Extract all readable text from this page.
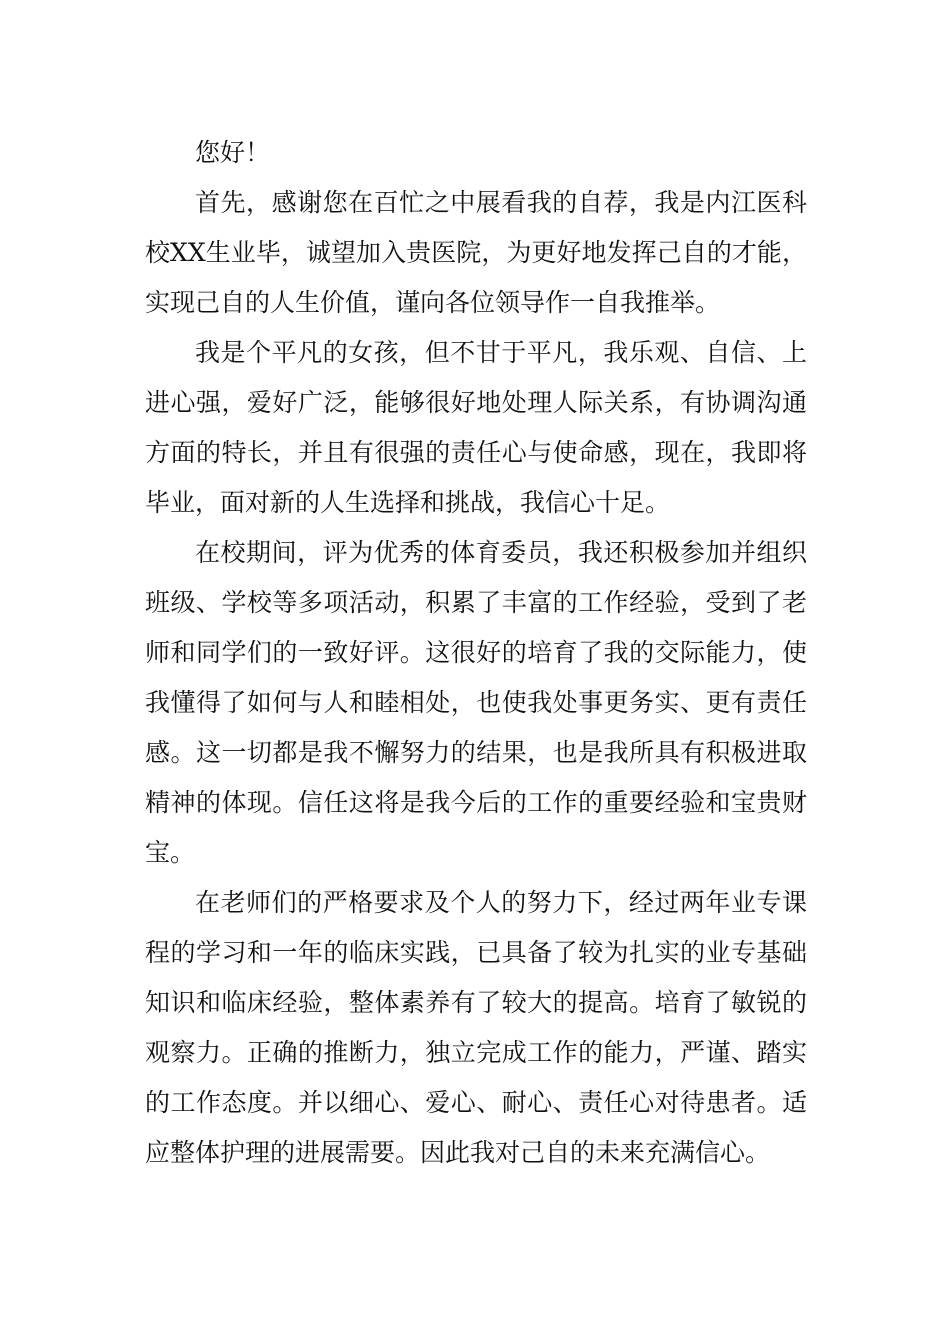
您好！

首先，感谢您在百忙之中展看我的自荐，我是内江医科校XX生业毕，诚望加入贵医院，为更好地发挥己自的才能，实现己自的人生价值，谨向各位领导作一自我推举。

我是个平凡的女孩，但不甘于平凡，我乐观、自信、上进心强，爱好广泛，能够很好地处理人际关系，有协调沟通方面的特长，并且有很强的责任心与使命感，现在，我即将毕业，面对新的人生选择和挑战，我信心十足。

在校期间，评为优秀的体育委员，我还积极参加并组织班级、学校等多项活动，积累了丰富的工作经验，受到了老师和同学们的一致好评。这很好的培育了我的交际能力，使我懂得了如何与人和睦相处，也使我处事更务实、更有责任感。这一切都是我不懈努力的结果，也是我所具有积极进取精神的体现。信任这将是我今后的工作的重要经验和宝贵财宝。

在老师们的严格要求及个人的努力下，经过两年业专课程的学习和一年的临床实践，已具备了较为扎实的业专基础知识和临床经验，整体素养有了较大的提高。培育了敏锐的观察力。正确的推断力，独立完成工作的能力，严谨、踏实的工作态度。并以细心、爱心、耐心、责任心对待患者。适应整体护理的进展需要。因此我对己自的未来充满信心。
